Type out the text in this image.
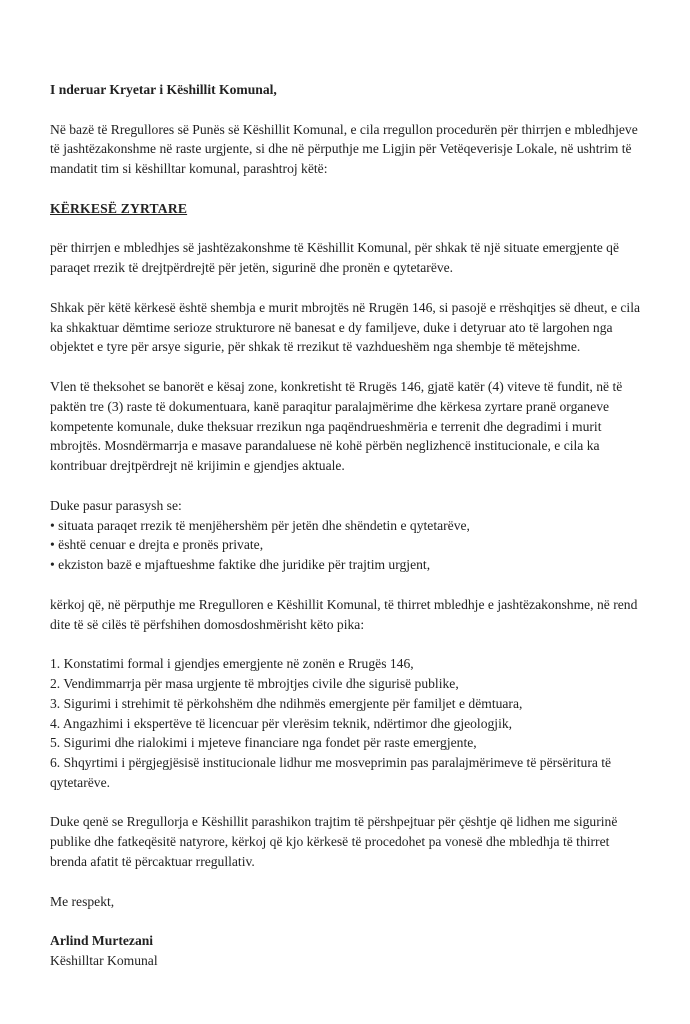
I nderuar Kryetar i Këshillit Komunal,

Në bazë të Rregullores së Punës së Këshillit Komunal, e cila rregullon procedurën për thirrjen e mbledhjeve të jashtëzakonshme në raste urgjente, si dhe në përputhje me Ligjin për Vetëqeverisje Lokale, në ushtrim të mandatit tim si këshilltar komunal, parashtroj këtë:

KËRKESË ZYRTARE

për thirrjen e mbledhjes së jashtëzakonshme të Këshillit Komunal, për shkak të një situate emergjente që paraqet rrezik të drejtpërdrejtë për jetën, sigurinë dhe pronën e qytetarëve.

Shkak për këtë kërkesë është shembja e murit mbrojtës në Rrugën 146, si pasojë e rrëshqitjes së dheut, e cila ka shkaktuar dëmtime serioze strukturore në banesat e dy familjeve, duke i detyruar ato të largohen nga objektet e tyre për arsye sigurie, për shkak të rrezikut të vazhdueshëm nga shembje të mëtejshme.

Vlen të theksohet se banorët e kësaj zone, konkretisht të Rrugës 146, gjatë katër (4) viteve të fundit, në të paktën tre (3) raste të dokumentuara, kanë paraqitur paralajmërime dhe kërkesa zyrtare pranë organeve kompetente komunale, duke theksuar rrezikun nga paqëndrueshmëria e terrenit dhe degradimi i murit mbrojtës. Mosndërmarrja e masave parandaluese në kohë përbën neglizhencë institucionale, e cila ka kontribuar drejtpërdrejt në krijimin e gjendjes aktuale.

Duke pasur parasysh se:

• situata paraqet rrezik të menjëhershëm për jetën dhe shëndetin e qytetarëve,

• është cenuar e drejta e pronës private,

• ekziston bazë e mjaftueshme faktike dhe juridike për trajtim urgjent,

kërkoj që, në përputhje me Rregulloren e Këshillit Komunal, të thirret mbledhje e jashtëzakonshme, në rend dite të së cilës të përfshihen domosdoshmërisht këto pika:

1. Konstatimi formal i gjendjes emergjente në zonën e Rrugës 146,

2. Vendimmarrja për masa urgjente të mbrojtjes civile dhe sigurisë publike,

3. Sigurimi i strehimit të përkohshëm dhe ndihmës emergjente për familjet e dëmtuara,

4. Angazhimi i ekspertëve të licencuar për vlerësim teknik, ndërtimor dhe gjeologjik,

5. Sigurimi dhe rialokimi i mjeteve financiare nga fondet për raste emergjente,

6. Shqyrtimi i përgjegjësisë institucionale lidhur me mosveprimin pas paralajmërimeve të përsëritura të qytetarëve.

Duke qenë se Rregullorja e Këshillit parashikon trajtim të përshpejtuar për çështje që lidhen me sigurinë publike dhe fatkeqësitë natyrore, kërkoj që kjo kërkesë të procedohet pa vonesë dhe mbledhja të thirret brenda afatit të përcaktuar rregullativ.

Me respekt,

Arlind Murtezani

Këshilltar Komunal
